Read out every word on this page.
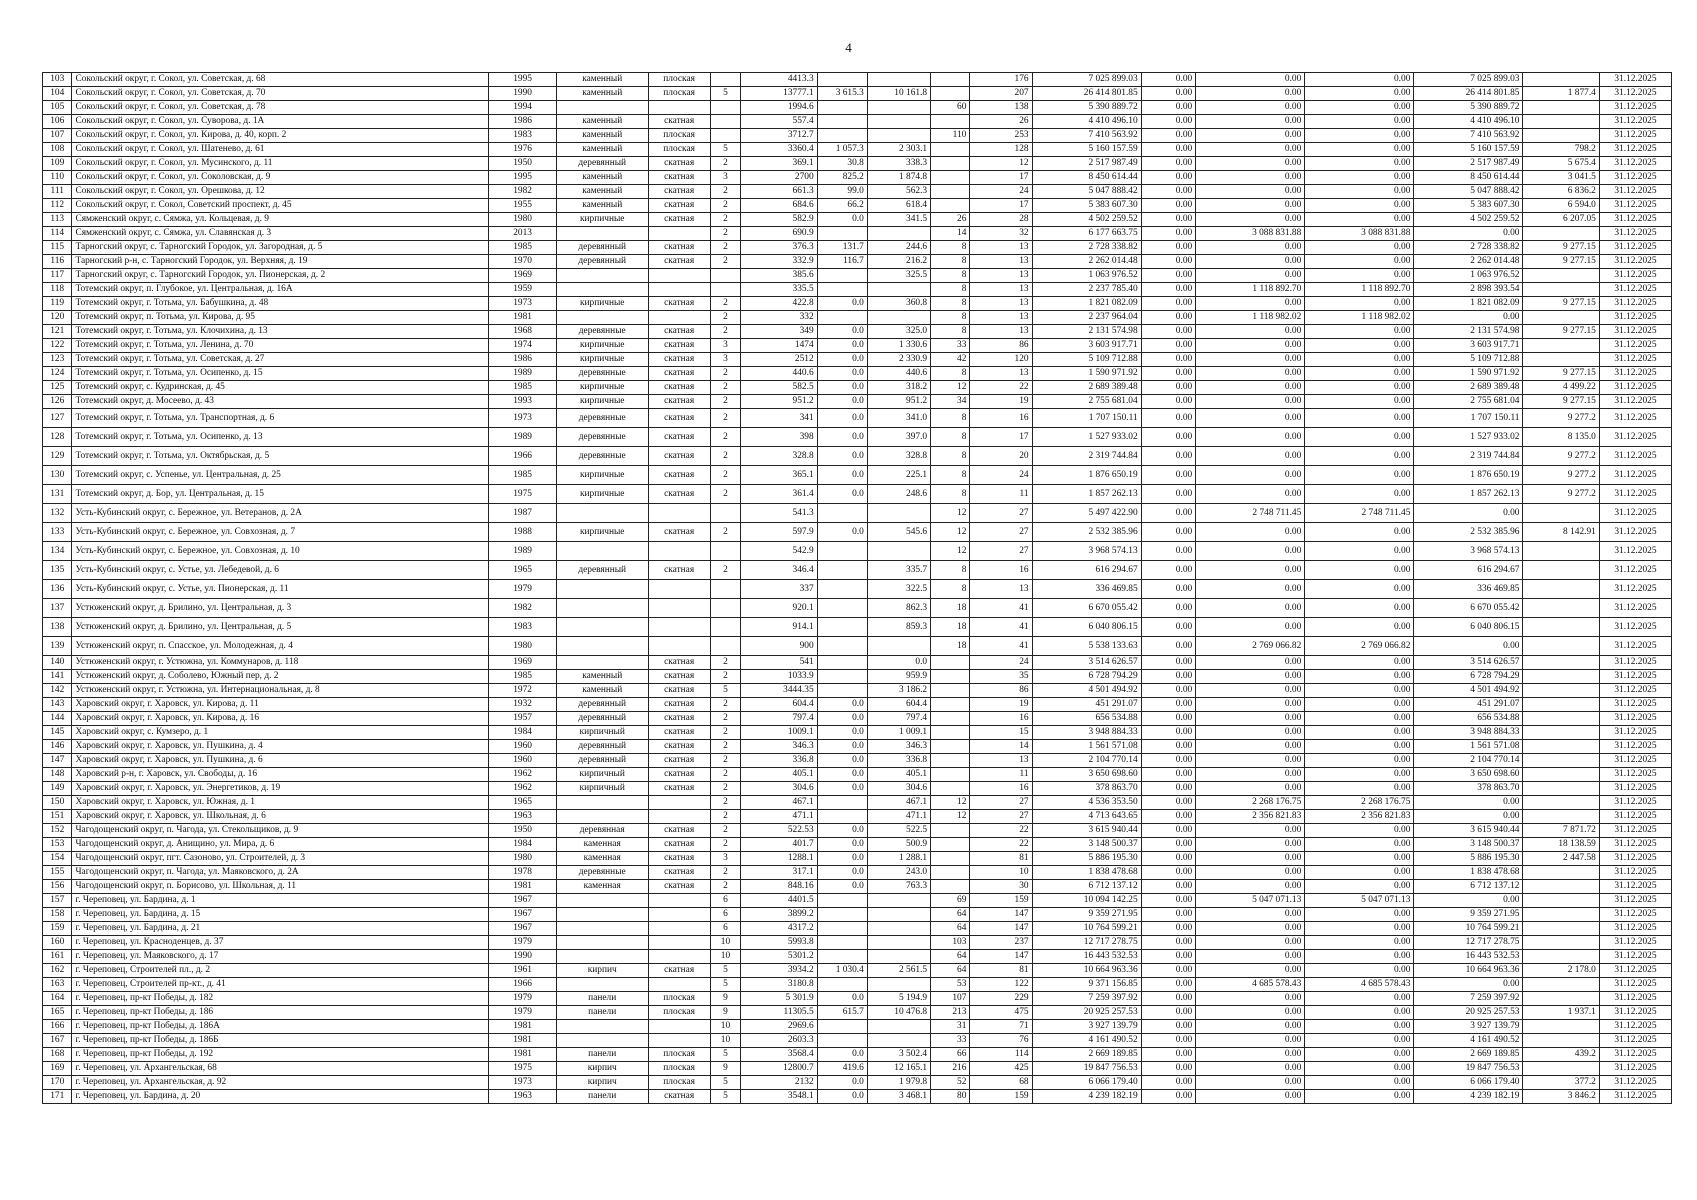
4
103	Сокольский округ, г. Сокол, ул. Советская, д. 68	1995	каменный	плоская		4413.3				176	7 025 899.03	0.00	0.00	0.00	7 025 899.03		31.12.2025
104	Сокольский округ, г. Сокол, ул. Советская, д. 70	1990	каменный	плоская	5	13777.1	3 615.3	10 161.8		207	26 414 801.85	0.00	0.00	0.00	26 414 801.85	1 877.4	31.12.2025
105	Сокольский округ, г. Сокол, ул. Советская, д. 78	1994				1994.6			60	138	5 390 889.72	0.00	0.00	0.00	5 390 889.72		31.12.2025
106	Сокольский округ, г. Сокол, ул. Суворова, д. 1А	1986	каменный	скатная		557.4				26	4 410 496.10	0.00	0.00	0.00	4 410 496.10		31.12.2025
107	Сокольский округ, г. Сокол, ул. Кирова, д. 40, корп. 2	1983	каменный	плоская		3712.7			110	253	7 410 563.92	0.00	0.00	0.00	7 410 563.92		31.12.2025
108	Сокольский округ, г. Сокол, ул. Шатенево, д. 61	1976	каменный	плоская	5	3360.4	1 057.3	2 303.1		128	5 160 157.59	0.00	0.00	0.00	5 160 157.59	798.2	31.12.2025
109	Сокольский округ, г. Сокол, ул. Мусинского, д. 11	1950	деревянный	скатная	2	369.1	30.8	338.3		12	2 517 987.49	0.00	0.00	0.00	2 517 987.49	5 675.4	31.12.2025
110	Сокольский округ, г. Сокол, ул. Соколовская, д. 9	1995	каменный	скатная	3	2700	825.2	1 874.8		17	8 450 614.44	0.00	0.00	0.00	8 450 614.44	3 041.5	31.12.2025
111	Сокольский округ, г. Сокол, ул. Орешкова, д. 12	1982	каменный	скатная	2	661.3	99.0	562.3		24	5 047 888.42	0.00	0.00	0.00	5 047 888.42	6 836.2	31.12.2025
112	Сокольский округ, г. Сокол, Советский проспект, д. 45	1955	каменный	скатная	2	684.6	66.2	618.4		17	5 383 607.30	0.00	0.00	0.00	5 383 607.30	6 594.0	31.12.2025
113	Сямженский округ, с. Сямжа, ул. Кольцевая, д. 9	1980	кирпичные	скатная	2	582.9	0.0	341.5	26	28	4 502 259.52	0.00	0.00	0.00	4 502 259.52	6 207.05	31.12.2025
114	Сямженский округ, с. Сямжа, ул. Славянская д. 3	2013			2	690.9			14	32	6 177 663.75	0.00	3 088 831.88	3 088 831.88	0.00		31.12.2025
115	Тарногский округ, с. Тарногский Городок, ул. Загородная, д. 5	1985	деревянный	скатная	2	376.3	131.7	244.6	8	13	2 728 338.82	0.00	0.00	0.00	2 728 338.82	9 277.15	31.12.2025
116	Тарногский р-н, с. Тарногский Городок, ул. Верхняя, д. 19	1970	деревянный	скатная	2	332.9	116.7	216.2	8	13	2 262 014.48	0.00	0.00	0.00	2 262 014.48	9 277.15	31.12.2025
117	Тарногский округ, с. Тарногский Городок, ул. Пионерская, д. 2	1969				385.6		325.5	8	13	1 063 976.52	0.00	0.00	0.00	1 063 976.52		31.12.2025
118	Тотемский округ, п. Глубокое, ул. Центральная, д. 16А	1959				335.5			8	13	2 237 785.40	0.00	1 118 892.70	1 118 892.70	2 898 393.54		31.12.2025
119	Тотемский округ, г. Тотьма, ул. Бабушкина, д. 48	1973	кирпичные	скатная	2	422.8	0.0	360.8	8	13	1 821 082.09	0.00	0.00	0.00	1 821 082.09	9 277.15	31.12.2025
120	Тотемский округ, п. Тотьма, ул. Кирова, д. 95	1981			2	332			8	13	2 237 964.04	0.00	1 118 982.02	1 118 982.02	0.00		31.12.2025
121	Тотемский округ, г. Тотьма, ул. Клочихина, д. 13	1968	деревянные	скатная	2	349	0.0	325.0	8	13	2 131 574.98	0.00	0.00	0.00	2 131 574.98	9 277.15	31.12.2025
122	Тотемский округ, г. Тотьма, ул. Ленина, д. 70	1974	кирпичные	скатная	3	1474	0.0	1 330.6	33	86	3 603 917.71	0.00	0.00	0.00	3 603 917.71		31.12.2025
123	Тотемский округ, г. Тотьма, ул. Советская, д. 27	1986	кирпичные	скатная	3	2512	0.0	2 330.9	42	120	5 109 712.88	0.00	0.00	0.00	5 109 712.88		31.12.2025
124	Тотемский округ, г. Тотьма, ул. Осипенко, д. 15	1989	деревянные	скатная	2	440.6	0.0	440.6	8	13	1 590 971.92	0.00	0.00	0.00	1 590 971.92	9 277.15	31.12.2025
125	Тотемский округ, с. Кудринская, д. 45	1985	кирпичные	скатная	2	582.5	0.0	318.2	12	22	2 689 389.48	0.00	0.00	0.00	2 689 389.48	4 499.22	31.12.2025
126	Тотемский округ, д. Мосеево, д. 43	1993	кирпичные	скатная	2	951.2	0.0	951.2	34	19	2 755 681.04	0.00	0.00	0.00	2 755 681.04	9 277.15	31.12.2025
127	Тотемский округ, г. Тотьма, ул. Транспортная, д. 6	1973	деревянные	скатная	2	341	0.0	341.0	8	16	1 707 150.11	0.00	0.00	0.00	1 707 150.11	9 277.2	31.12.2025
128	Тотемский округ, г. Тотьма, ул. Осипенко, д. 13	1989	деревянные	скатная	2	398	0.0	397.0	8	17	1 527 933.02	0.00	0.00	0.00	1 527 933.02	8 135.0	31.12.2025
129	Тотемский округ, г. Тотьма, ул. Октябрьская, д. 5	1966	деревянные	скатная	2	328.8	0.0	328.8	8	20	2 319 744.84	0.00	0.00	0.00	2 319 744.84	9 277.2	31.12.2025
130	Тотемский округ, с. Успенье, ул. Центральная, д. 25	1985	кирпичные	скатная	2	365.1	0.0	225.1	8	24	1 876 650.19	0.00	0.00	0.00	1 876 650.19	9 277.2	31.12.2025
131	Тотемский округ, д. Бор, ул. Центральная, д. 15	1975	кирпичные	скатная	2	361.4	0.0	248.6	8	11	1 857 262.13	0.00	0.00	0.00	1 857 262.13	9 277.2	31.12.2025
132	Усть-Кубинский округ, с. Бережное, ул. Ветеранов, д. 2А	1987				541.3			12	27	5 497 422.90	0.00	2 748 711.45	2 748 711.45	0.00		31.12.2025
133	Усть-Кубинский округ, с. Бережное, ул. Совхозная, д. 7	1988	кирпичные	скатная	2	597.9	0.0	545.6	12	27	2 532 385.96	0.00	0.00	0.00	2 532 385.96	8 142.91	31.12.2025
134	Усть-Кубинский округ, с. Бережное, ул. Совхозная, д. 10	1989				542.9			12	27	3 968 574.13	0.00	0.00	0.00	3 968 574.13		31.12.2025
135	Усть-Кубинский округ, с. Устье, ул. Лебедевой, д. 6	1965	деревянный	скатная	2	346.4		335.7	8	16	616 294.67	0.00	0.00	0.00	616 294.67		31.12.2025
136	Усть-Кубинский округ, с. Устье, ул. Пионерская, д. 11	1979				337		322.5	8	13	336 469.85	0.00	0.00	0.00	336 469.85		31.12.2025
137	Устюженский округ, д. Брилино, ул. Центральная, д. 3	1982				920.1		862.3	18	41	6 670 055.42	0.00	0.00	0.00	6 670 055.42		31.12.2025
138	Устюженский округ, д. Брилино, ул. Центральная, д. 5	1983				914.1		859.3	18	41	6 040 806.15	0.00	0.00	0.00	6 040 806.15		31.12.2025
139	Устюженский округ, п. Спасское, ул. Молодежная, д. 4	1980				900			18	41	5 538 133.63	0.00	2 769 066.82	2 769 066.82	0.00		31.12.2025
140	Устюженский округ, г. Устюжна, ул. Коммунаров, д. 118	1969		скатная	2	541		0.0		24	3 514 626.57	0.00	0.00	0.00	3 514 626.57		31.12.2025
141	Устюженский округ, д. Соболево, Южный пер, д. 2	1985	каменный	скатная	2	1033.9		959.9		35	6 728 794.29	0.00	0.00	0.00	6 728 794.29		31.12.2025
142	Устюженский округ, г. Устюжна, ул. Интернациональная, д. 8	1972	каменный	скатная	5	3444.35		3 186.2		86	4 501 494.92	0.00	0.00	0.00	4 501 494.92		31.12.2025
143	Харовский округ, г. Харовск, ул. Кирова, д. 11	1932	деревянный	скатная	2	604.4	0.0	604.4		19	451 291.07	0.00	0.00	0.00	451 291.07		31.12.2025
144	Харовский округ, г. Харовск, ул. Кирова, д. 16	1957	деревянный	скатная	2	797.4	0.0	797.4		16	656 534.88	0.00	0.00	0.00	656 534.88		31.12.2025
145	Харовский округ, с. Кумзеро, д. 1	1984	кирпичный	скатная	2	1009.1	0.0	1 009.1		15	3 948 884.33	0.00	0.00	0.00	3 948 884.33		31.12.2025
146	Харовский округ, г. Харовск, ул. Пушкина, д. 4	1960	деревянный	скатная	2	346.3	0.0	346.3		14	1 561 571.08	0.00	0.00	0.00	1 561 571.08		31.12.2025
147	Харовский округ, г. Харовск, ул. Пушкина, д. 6	1960	деревянный	скатная	2	336.8	0.0	336.8		13	2 104 770.14	0.00	0.00	0.00	2 104 770.14		31.12.2025
148	Харовский р-н, г. Харовск, ул. Свободы, д. 16	1962	кирпичный	скатная	2	405.1	0.0	405.1		11	3 650 698.60	0.00	0.00	0.00	3 650 698.60		31.12.2025
149	Харовский округ, г. Харовск, ул. Энергетиков, д. 19	1962	кирпичный	скатная	2	304.6	0.0	304.6		16	378 863.70	0.00	0.00	0.00	378 863.70		31.12.2025
150	Харовский округ, г. Харовск, ул. Южная, д. 1	1965			2	467.1		467.1	12	27	4 536 353.50	0.00	2 268 176.75	2 268 176.75	0.00		31.12.2025
151	Харовский округ, г. Харовск, ул. Школьная, д. 6	1963			2	471.1		471.1	12	27	4 713 643.65	0.00	2 356 821.83	2 356 821.83	0.00		31.12.2025
152	Чагодощенский округ, п. Чагода, ул. Стекольщиков, д. 9	1950	деревянная	скатная	2	522.53	0.0	522.5		22	3 615 940.44	0.00	0.00	0.00	3 615 940.44	7 871.72	31.12.2025
153	Чагодощенский округ, д. Анищино, ул. Мира, д. 6	1984	каменная	скатная	2	401.7	0.0	500.9		22	3 148 500.37	0.00	0.00	0.00	3 148 500.37	18 138.59	31.12.2025
154	Чагодощенский округ, пгт. Сазоново, ул. Строителей, д. 3	1980	каменная	скатная	3	1288.1	0.0	1 288.1		81	5 886 195.30	0.00	0.00	0.00	5 886 195.30	2 447.58	31.12.2025
155	Чагодощенский округ, п. Чагода, ул. Маяковского, д. 2А	1978	деревянные	скатная	2	317.1	0.0	243.0		10	1 838 478.68	0.00	0.00	0.00	1 838 478.68		31.12.2025
156	Чагодощенский округ, п. Борисово, ул. Школьная, д. 11	1981	каменная	скатная	2	848.16	0.0	763.3		30	6 712 137.12	0.00	0.00	0.00	6 712 137.12		31.12.2025
157	г. Череповец, ул. Бардина, д. 1	1967			6	4401.5			69	159	10 094 142.25	0.00	5 047 071.13	5 047 071.13	0.00		31.12.2025
158	г. Череповец, ул. Бардина, д. 15	1967			6	3899.2			64	147	9 359 271.95	0.00	0.00	0.00	9 359 271.95		31.12.2025
159	г. Череповец, ул. Бардина, д. 21	1967			6	4317.2			64	147	10 764 599.21	0.00	0.00	0.00	10 764 599.21		31.12.2025
160	г. Череповец, ул. Красноденцев, д. 37	1979			10	5993.8			103	237	12 717 278.75	0.00	0.00	0.00	12 717 278.75		31.12.2025
161	г. Череповец, ул. Маяковского, д. 17	1990			10	5301.2			64	147	16 443 532.53	0.00	0.00	0.00	16 443 532.53		31.12.2025
162	г. Череповец, Строителей пл., д. 2	1961	кирпич	скатная	5	3934.2	1 030.4	2 561.5	64	81	10 664 963.36	0.00	0.00	0.00	10 664 963.36	2 178.0	31.12.2025
163	г. Череповец, Строителей пр-кт., д. 41	1966			5	3180.8			53	122	9 371 156.85	0.00	4 685 578.43	4 685 578.43	0.00		31.12.2025
164	г. Череповец, пр-кт Победы, д. 182	1979	панели	плоская	9	5 301.9	0.0	5 194.9	107	229	7 259 397.92	0.00	0.00	0.00	7 259 397.92		31.12.2025
165	г. Череповец, пр-кт Победы, д. 186	1979	панели	плоская	9	11305.5	615.7	10 476.8	213	475	20 925 257.53	0.00	0.00	0.00	20 925 257.53	1 937.1	31.12.2025
166	г. Череповец, пр-кт Победы, д. 186А	1981			10	2969.6			31	71	3 927 139.79	0.00	0.00	0.00	3 927 139.79		31.12.2025
167	г. Череповец, пр-кт Победы, д. 186Б	1981			10	2603.3			33	76	4 161 490.52	0.00	0.00	0.00	4 161 490.52		31.12.2025
168	г. Череповец, пр-кт Победы, д. 192	1981	панели	плоская	5	3568.4	0.0	3 502.4	66	114	2 669 189.85	0.00	0.00	0.00	2 669 189.85	439.2	31.12.2025
169	г. Череповец, ул. Архангельская, 68	1975	кирпич	плоская	9	12800.7	419.6	12 165.1	216	425	19 847 756.53	0.00	0.00	0.00	19 847 756.53		31.12.2025
170	г. Череповец, ул. Архангельская, д. 92	1973	кирпич	плоская	5	2132	0.0	1 979.8	52	68	6 066 179.40	0.00	0.00	0.00	6 066 179.40	377.2	31.12.2025
171	г. Череповец, ул. Бардина, д. 20	1963	панели	скатная	5	3548.1	0.0	3 468.1	80	159	4 239 182.19	0.00	0.00	0.00	4 239 182.19	3 846.2	31.12.2025
